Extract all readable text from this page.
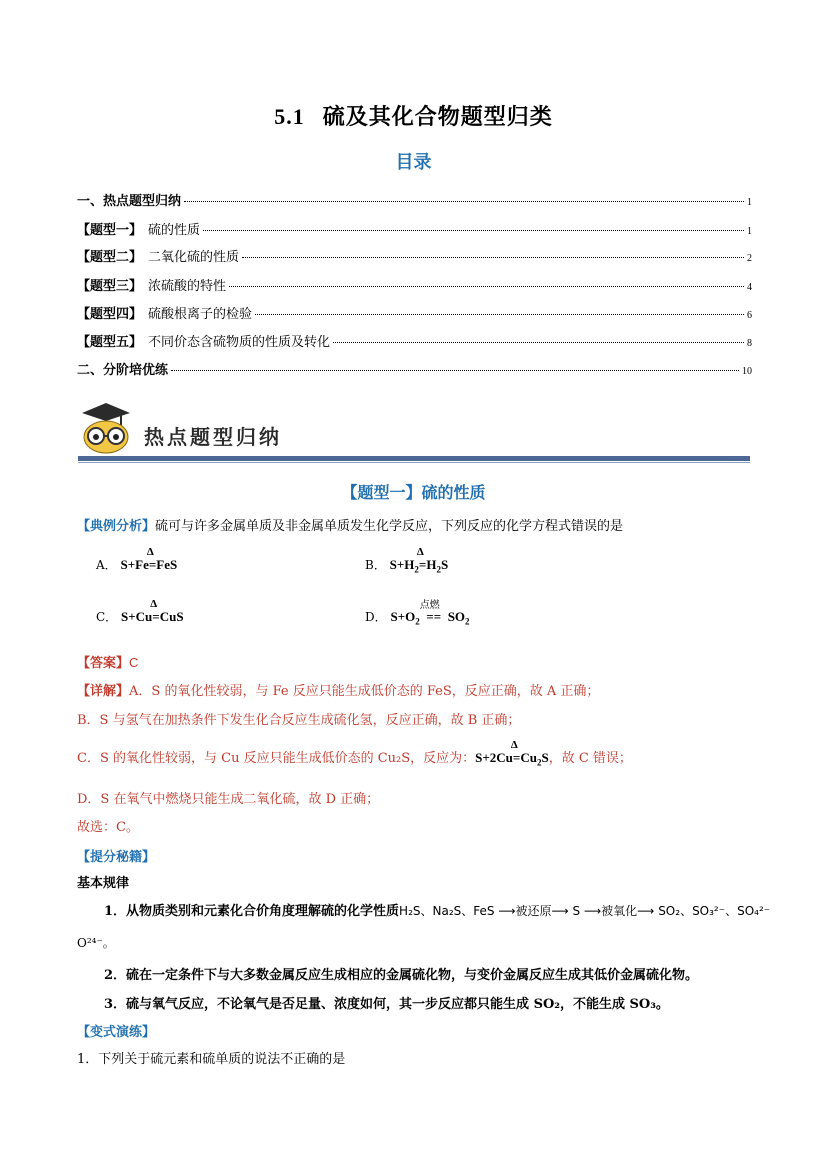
5.1 硫及其化合物题型归类
目录
一、热点题型归纳	1
【题型一】 硫的性质	1
【题型二】 二氧化硫的性质	2
【题型三】 浓硫酸的特性	4
【题型四】 硫酸根离子的检验	6
【题型五】 不同价态含硫物质的性质及转化	8
二、分阶培优练	10
热点题型归纳
【题型一】硫的性质
【典例分析】硫可与许多金属单质及非金属单质发生化学反应，下列反应的化学方程式错误的是
A． S+FeΔ =FeS	B． $S+H_2\Delta =H_2S$
C． S+CuΔ =CuS	D． $S+O_2$
点燃
== $SO_2$
【答案】C
【详解】A．S 的氧化性较弱，与 Fe 反应只能生成低价态的 FeS，反应正确，故 A 正确；
B．S 与氢气在加热条件下发生化合反应生成硫化氢，反应正确，故 B 正确；
C．S 的氧化性较弱，与 Cu 反应只能生成低价态的 Cu₂S，反应为：$S+2Cu\Delta =Cu_2S$，故 C 错误；
D．S 在氧气中燃烧只能生成二氧化硫，故 D 正确；
故选：C。
【提分秘籍】
基本规律
1．从物质类别和元素化合价角度理解硫的化学性质H₂S、Na₂S、FeS ⟶被还原⟶ S ⟶被氧化⟶ SO₂、SO₃²⁻、SO₄²⁻
O²⁴⁻。
2．硫在一定条件下与大多数金属反应生成相应的金属硫化物，与变价金属反应生成其低价金属硫化物。
3．硫与氧气反应，不论氧气是否足量、浓度如何，其一步反应都只能生成 SO₂，不能生成 SO₃。
【变式演练】
1．下列关于硫元素和硫单质的说法不正确的是
